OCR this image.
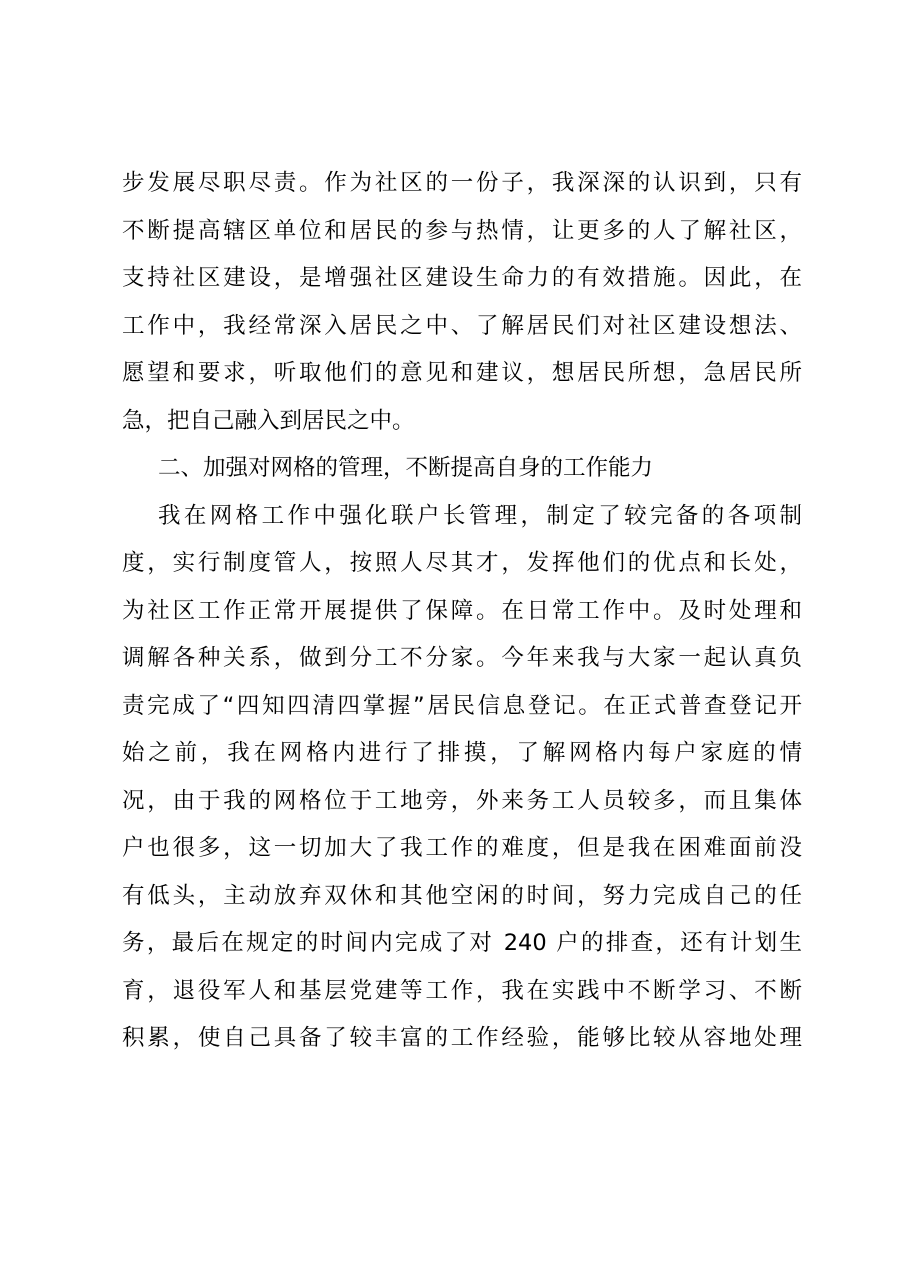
步发展尽职尽责。作为社区的一份子，我深深的认识到，只有
不断提高辖区单位和居民的参与热情，让更多的人了解社区，
支持社区建设，是增强社区建设生命力的有效措施。因此，在
工作中，我经常深入居民之中、了解居民们对社区建设想法、
愿望和要求，听取他们的意见和建议，想居民所想，急居民所
急，把自己融入到居民之中。
二、加强对网格的管理，不断提高自身的工作能力
我在网格工作中强化联户长管理，制定了较完备的各项制
度，实行制度管人，按照人尽其才，发挥他们的优点和长处，
为社区工作正常开展提供了保障。在日常工作中。及时处理和
调解各种关系，做到分工不分家。今年来我与大家一起认真负
责完成了“四知四清四掌握”居民信息登记。在正式普查登记开
始之前，我在网格内进行了排摸，了解网格内每户家庭的情
况，由于我的网格位于工地旁，外来务工人员较多，而且集体
户也很多，这一切加大了我工作的难度，但是我在困难面前没
有低头，主动放弃双休和其他空闲的时间，努力完成自己的任
务，最后在规定的时间内完成了对 240 户的排查，还有计划生
育，退役军人和基层党建等工作，我在实践中不断学习、不断
积累，使自己具备了较丰富的工作经验，能够比较从容地处理
